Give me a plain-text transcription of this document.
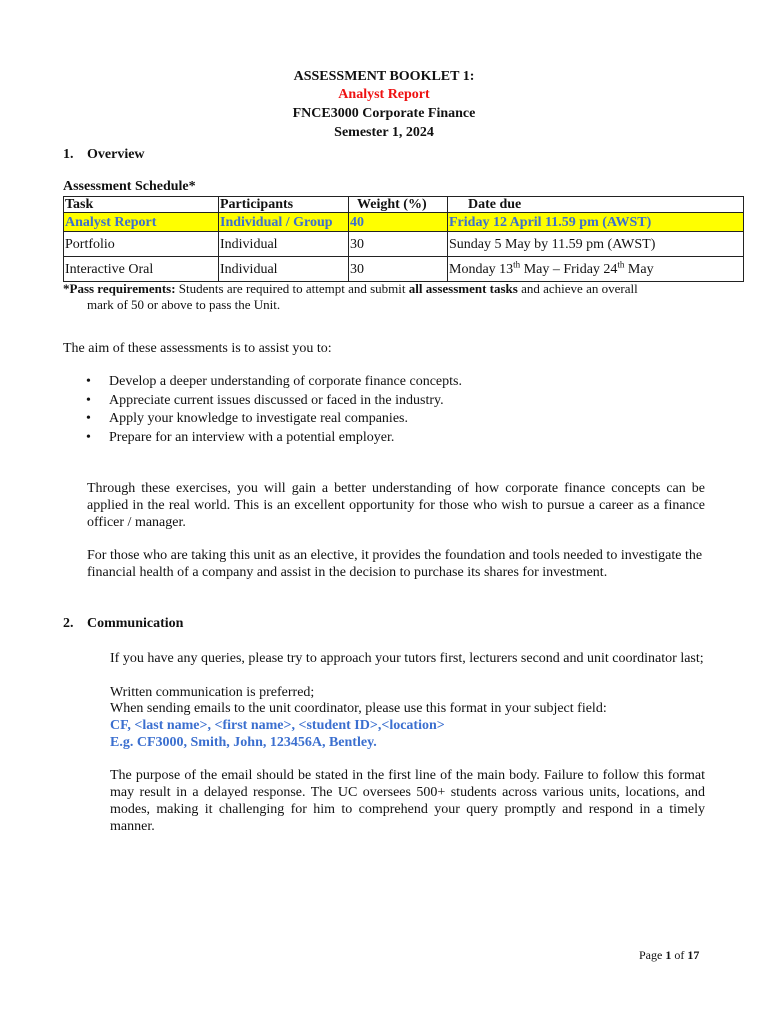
ASSESSMENT BOOKLET 1:
Analyst Report
FNCE3000 Corporate Finance
Semester 1, 2024
1. Overview
Assessment Schedule*
Task	Participants	Weight (%)	Date due
Analyst Report	Individual / Group	40	Friday 12 April 11.59 pm (AWST)
Portfolio	Individual	30	Sunday 5 May by 11.59 pm (AWST)
Interactive Oral	Individual	30	Monday 13th May – Friday 24th May
*Pass requirements: Students are required to attempt and submit all assessment tasks and achieve an overall
mark of 50 or above to pass the Unit.
The aim of these assessments is to assist you to:
• Develop a deeper understanding of corporate finance concepts.
• Appreciate current issues discussed or faced in the industry.
• Apply your knowledge to investigate real companies.
• Prepare for an interview with a potential employer.
Through these exercises, you will gain a better understanding of how corporate finance concepts can be applied in the real world. This is an excellent opportunity for those who wish to pursue a career as a finance officer / manager.
For those who are taking this unit as an elective, it provides the foundation and tools needed to investigate the financial health of a company and assist in the decision to purchase its shares for investment.
2. Communication
If you have any queries, please try to approach your tutors first, lecturers second and unit coordinator last;
Written communication is preferred;
When sending emails to the unit coordinator, please use this format in your subject field:
CF, <last name>, <first name>, <student ID>,<location>
E.g. CF3000, Smith, John, 123456A, Bentley.
The purpose of the email should be stated in the first line of the main body. Failure to follow this format may result in a delayed response. The UC oversees 500+ students across various units, locations, and modes, making it challenging for him to comprehend your query promptly and respond in a timely manner.
Page 1 of 17
